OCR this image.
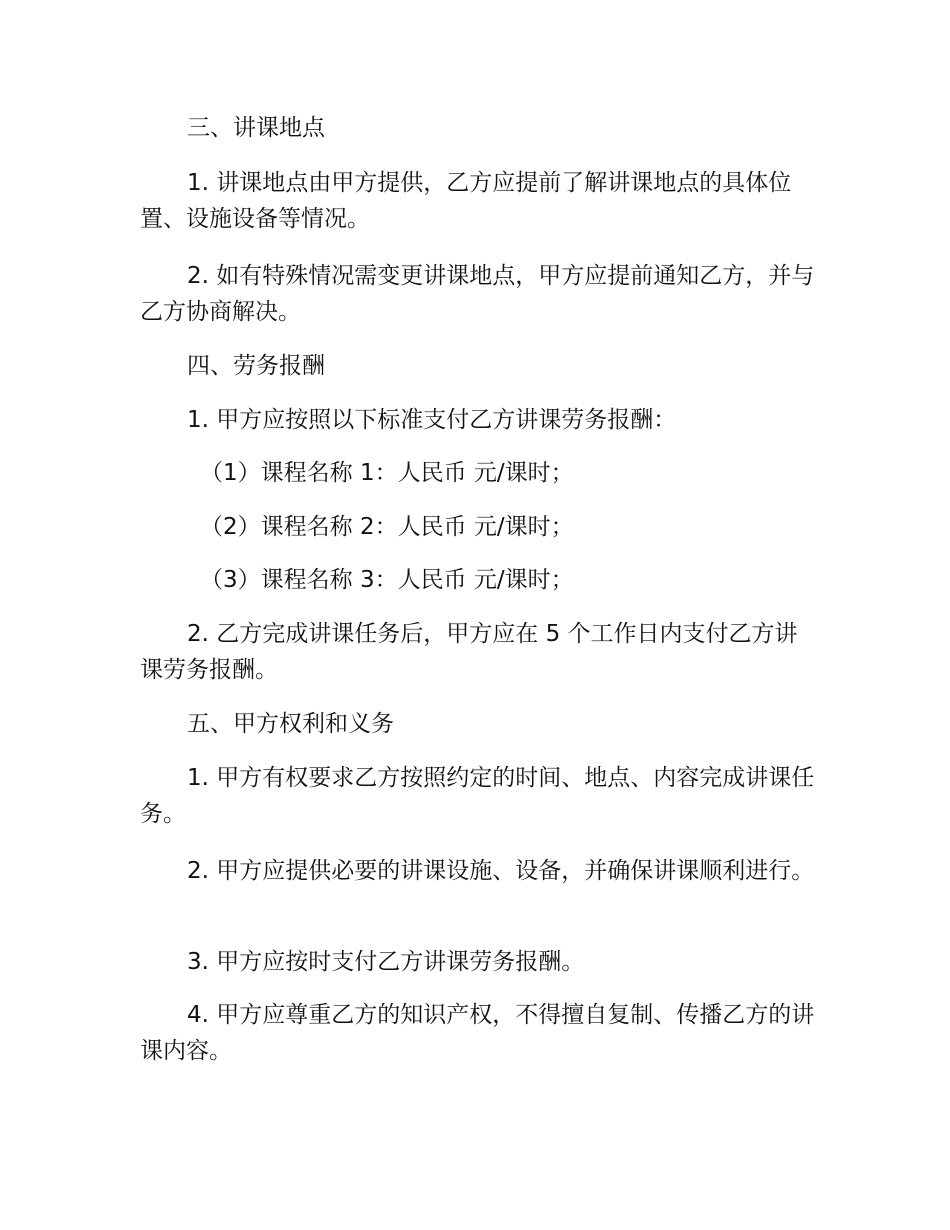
三、讲课地点

1. 讲课地点由甲方提供，乙方应提前了解讲课地点的具体位置、设施设备等情况。

2. 如有特殊情况需变更讲课地点，甲方应提前通知乙方，并与乙方协商解决。

四、劳务报酬

1. 甲方应按照以下标准支付乙方讲课劳务报酬：

（1）课程名称 1：人民币 元/课时；

（2）课程名称 2：人民币 元/课时；

（3）课程名称 3：人民币 元/课时；

2. 乙方完成讲课任务后，甲方应在 5 个工作日内支付乙方讲课劳务报酬。

五、甲方权利和义务

1. 甲方有权要求乙方按照约定的时间、地点、内容完成讲课任务。

2. 甲方应提供必要的讲课设施、设备，并确保讲课顺利进行。

3. 甲方应按时支付乙方讲课劳务报酬。

4. 甲方应尊重乙方的知识产权，不得擅自复制、传播乙方的讲课内容。
